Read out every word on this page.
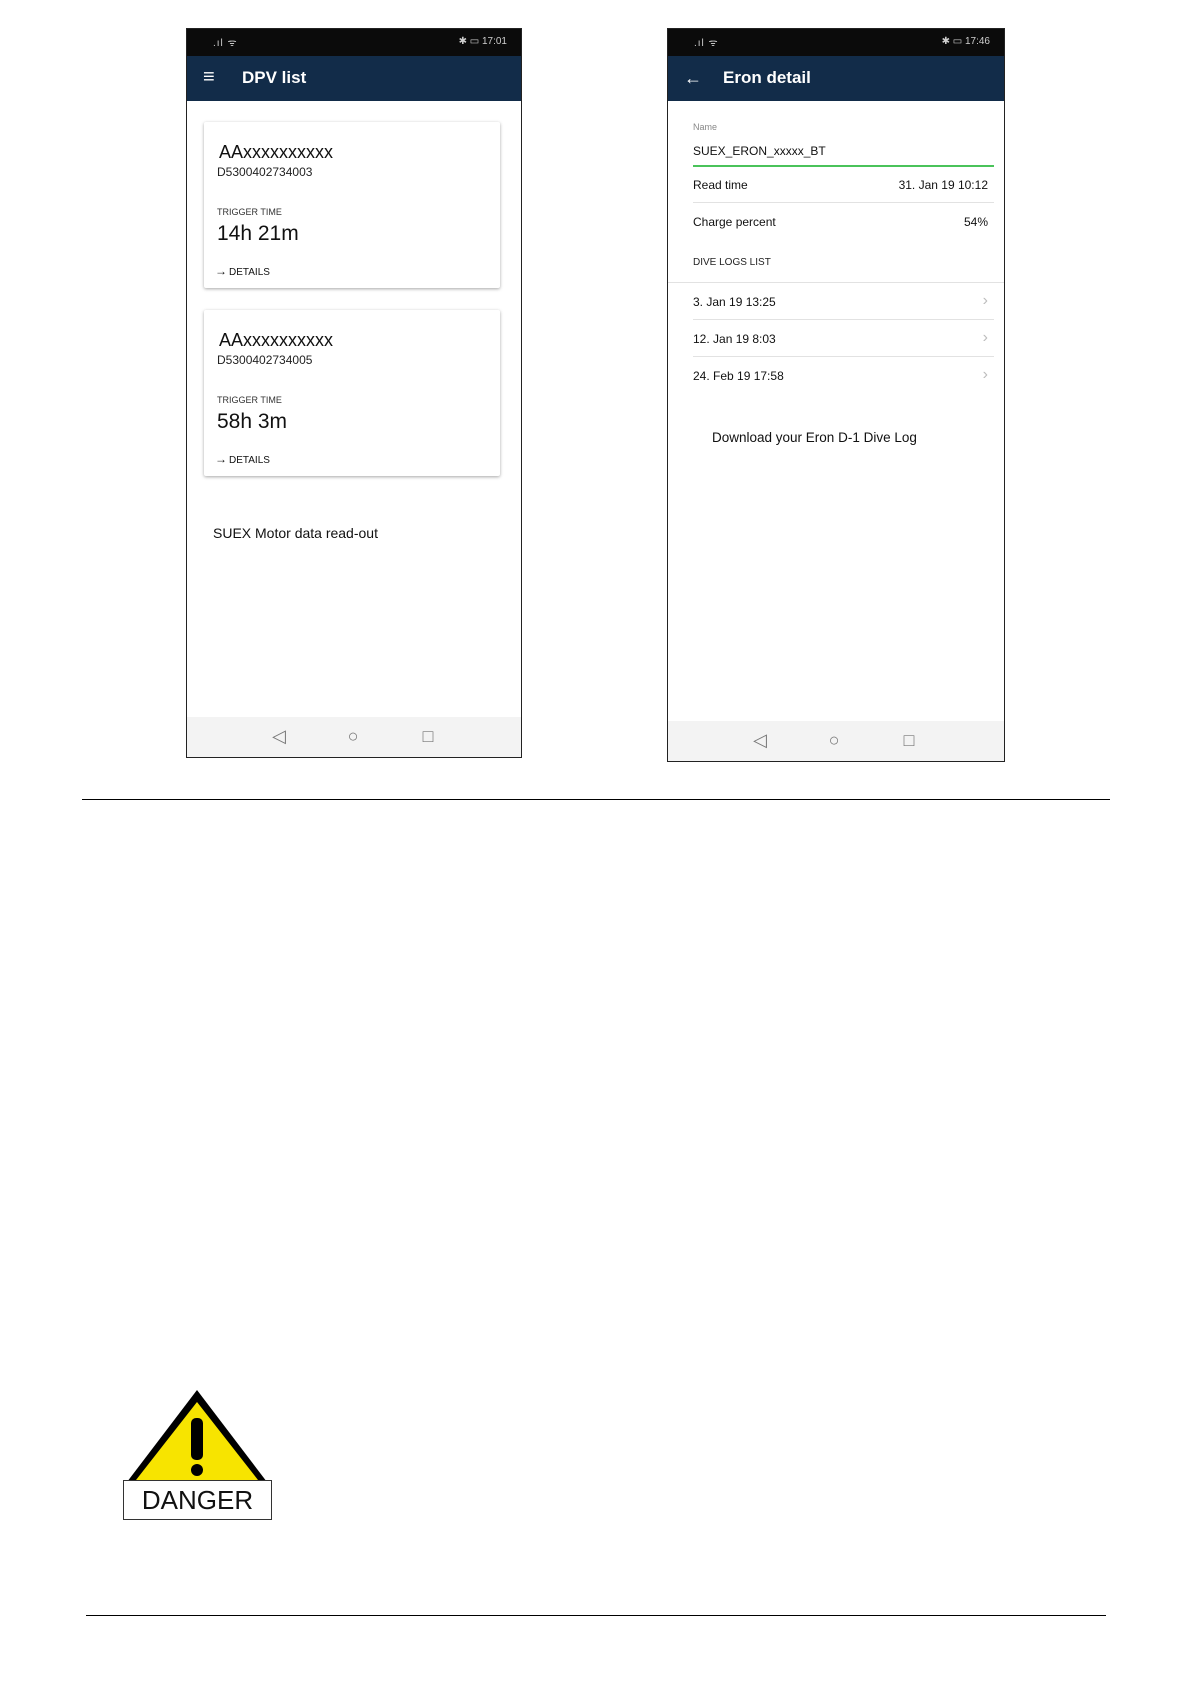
.ıl ᯤ	✱ ▭ 17:01
≡ DPV list
AAxxxxxxxxxx
D5300402734003
TRIGGER TIME
14h 21m
→ DETAILS
AAxxxxxxxxxx
D5300402734005
TRIGGER TIME
58h 3m
→ DETAILS
SUEX Motor data read-out
◁	○	□
.ıl ᯤ	✱ ▭ 17:46
← Eron detail
Name
SUEX_ERON_xxxxx_BT
Read time	31. Jan 19 10:12
Charge percent	54%
DIVE LOGS LIST
3. Jan 19 13:25	›
12. Jan 19 8:03	›
24. Feb 19 17:58	›
Download your Eron D-1 Dive Log
◁	○	□
DANGER
